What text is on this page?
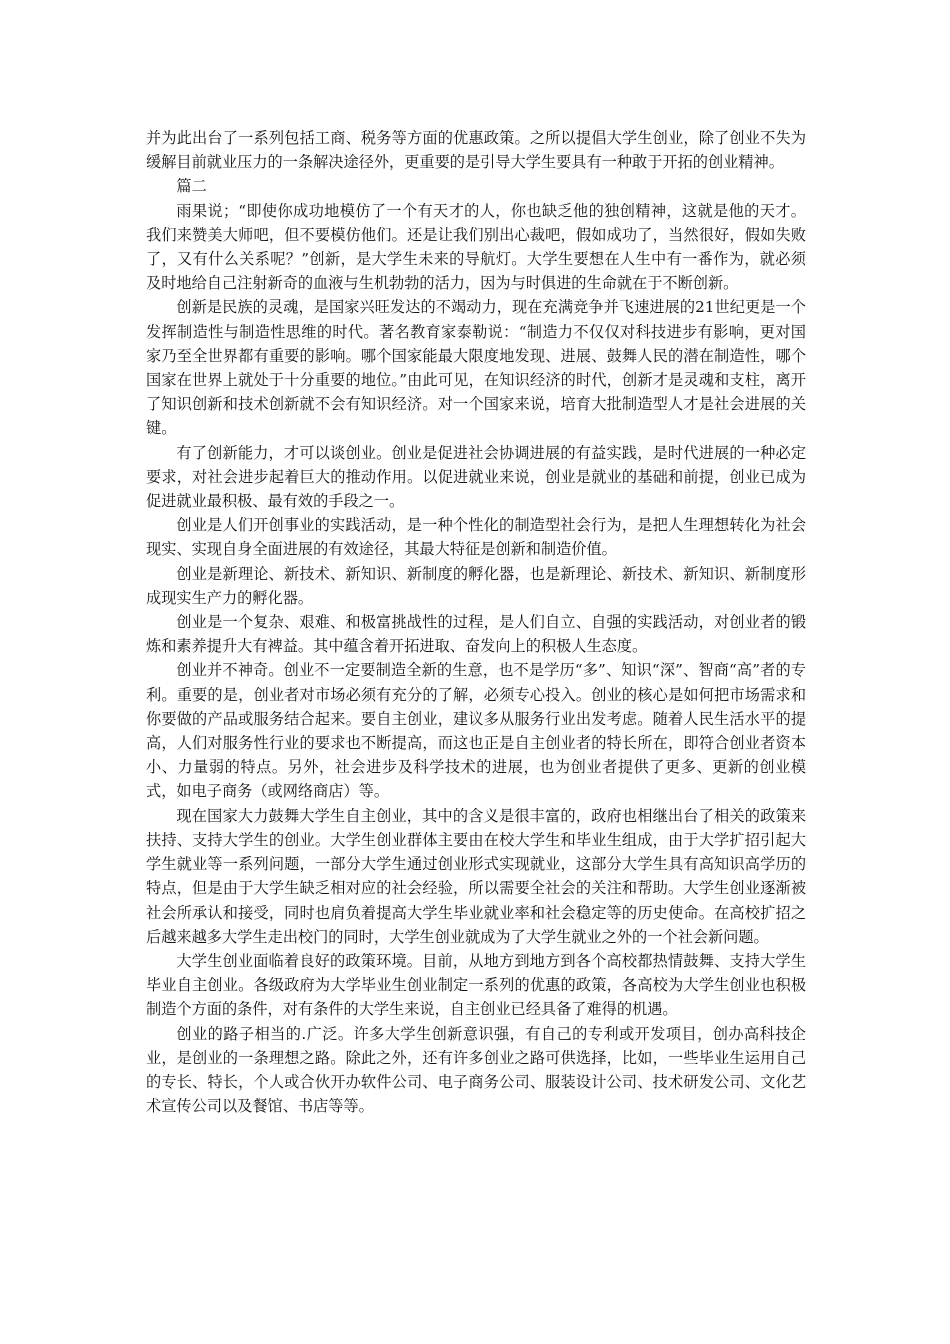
并为此出台了一系列包括工商、税务等方面的优惠政策。之所以提倡大学生创业，除了创业不失为缓解目前就业压力的一条解决途径外，更重要的是引导大学生要具有一种敢于开拓的创业精神。

篇二

雨果说；“即使你成功地模仿了一个有天才的人，你也缺乏他的独创精神，这就是他的天才。我们来赞美大师吧，但不要模仿他们。还是让我们别出心裁吧，假如成功了，当然很好，假如失败了，又有什么关系呢？”创新，是大学生未来的导航灯。大学生要想在人生中有一番作为，就必须及时地给自己注射新奇的血液与生机勃勃的活力，因为与时俱进的生命就在于不断创新。

创新是民族的灵魂，是国家兴旺发达的不竭动力，现在充满竞争并飞速进展的21世纪更是一个发挥制造性与制造性思维的时代。著名教育家泰勒说：“制造力不仅仅对科技进步有影响，更对国家乃至全世界都有重要的影响。哪个国家能最大限度地发现、进展、鼓舞人民的潜在制造性，哪个国家在世界上就处于十分重要的地位。”由此可见，在知识经济的时代，创新才是灵魂和支柱，离开了知识创新和技术创新就不会有知识经济。对一个国家来说，培育大批制造型人才是社会进展的关键。

有了创新能力，才可以谈创业。创业是促进社会协调进展的有益实践，是时代进展的一种必定要求，对社会进步起着巨大的推动作用。以促进就业来说，创业是就业的基础和前提，创业已成为促进就业最积极、最有效的手段之一。

创业是人们开创事业的实践活动，是一种个性化的制造型社会行为，是把人生理想转化为社会现实、实现自身全面进展的有效途径，其最大特征是创新和制造价值。

创业是新理论、新技术、新知识、新制度的孵化器，也是新理论、新技术、新知识、新制度形成现实生产力的孵化器。

创业是一个复杂、艰难、和极富挑战性的过程，是人们自立、自强的实践活动，对创业者的锻炼和素养提升大有裨益。其中蕴含着开拓进取、奋发向上的积极人生态度。

创业并不神奇。创业不一定要制造全新的生意，也不是学历“多”、知识“深”、智商“高”者的专利。重要的是，创业者对市场必须有充分的了解，必须专心投入。创业的核心是如何把市场需求和你要做的产品或服务结合起来。要自主创业，建议多从服务行业出发考虑。随着人民生活水平的提高，人们对服务性行业的要求也不断提高，而这也正是自主创业者的特长所在，即符合创业者资本小、力量弱的特点。另外，社会进步及科学技术的进展，也为创业者提供了更多、更新的创业模式，如电子商务（或网络商店）等。

现在国家大力鼓舞大学生自主创业，其中的含义是很丰富的，政府也相继出台了相关的政策来扶持、支持大学生的创业。大学生创业群体主要由在校大学生和毕业生组成，由于大学扩招引起大学生就业等一系列问题，一部分大学生通过创业形式实现就业，这部分大学生具有高知识高学历的特点，但是由于大学生缺乏相对应的社会经验，所以需要全社会的关注和帮助。大学生创业逐渐被社会所承认和接受，同时也肩负着提高大学生毕业就业率和社会稳定等的历史使命。在高校扩招之后越来越多大学生走出校门的同时，大学生创业就成为了大学生就业之外的一个社会新问题。

大学生创业面临着良好的政策环境。目前，从地方到地方到各个高校都热情鼓舞、支持大学生毕业自主创业。各级政府为大学毕业生创业制定一系列的优惠的政策，各高校为大学生创业也积极制造个方面的条件，对有条件的大学生来说，自主创业已经具备了难得的机遇。

创业的路子相当的.广泛。许多大学生创新意识强，有自己的专利或开发项目，创办高科技企业，是创业的一条理想之路。除此之外，还有许多创业之路可供选择，比如，一些毕业生运用自己的专长、特长，个人或合伙开办软件公司、电子商务公司、服装设计公司、技术研发公司、文化艺术宣传公司以及餐馆、书店等等。
